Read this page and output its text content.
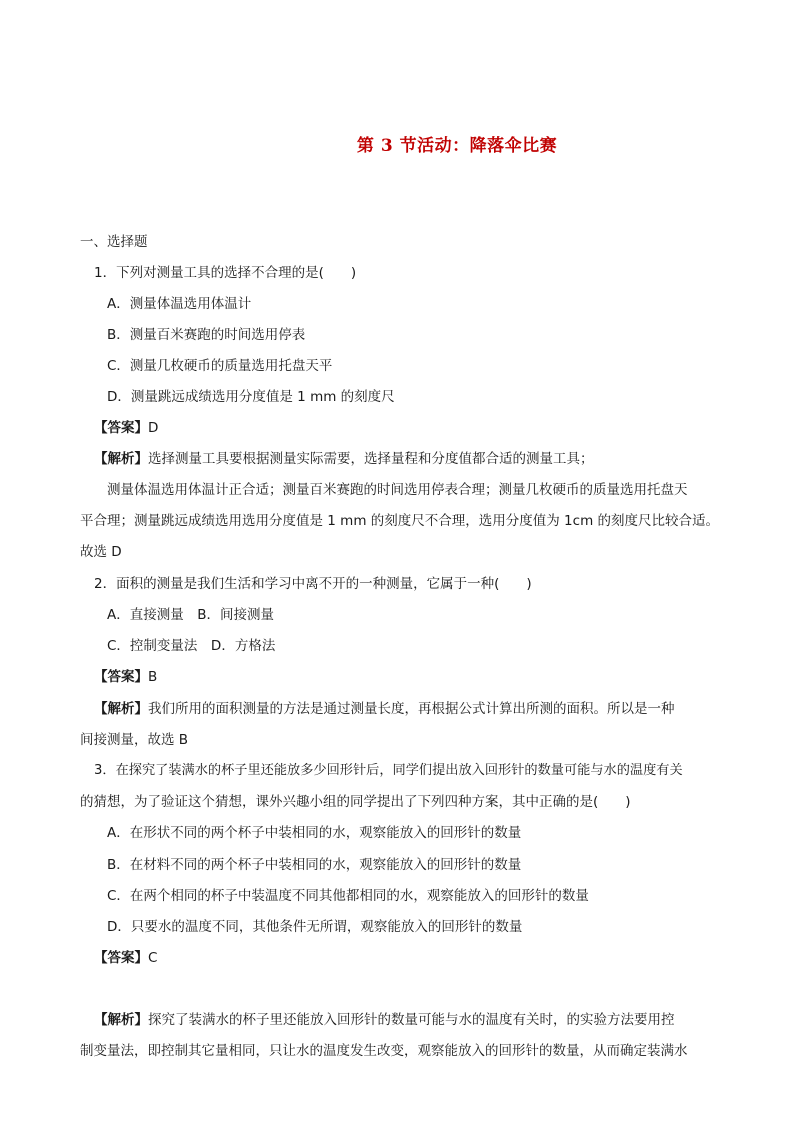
第 3 节活动：降落伞比赛
一、选择题
1．下列对测量工具的选择不合理的是(　　)
A．测量体温选用体温计
B．测量百米赛跑的时间选用停表
C．测量几枚硬币的质量选用托盘天平
D．测量跳远成绩选用分度值是 1 mm 的刻度尺
【答案】D
【解析】选择测量工具要根据测量实际需要，选择量程和分度值都合适的测量工具；
测量体温选用体温计正合适；测量百米赛跑的时间选用停表合理；测量几枚硬币的质量选用托盘天
平合理；测量跳远成绩选用选用分度值是 1 mm 的刻度尺不合理，选用分度值为 1cm 的刻度尺比较合适。
故选 D
2．面积的测量是我们生活和学习中离不开的一种测量，它属于一种(　　)
A．直接测量　B．间接测量
C．控制变量法　D．方格法
【答案】B
【解析】我们所用的面积测量的方法是通过测量长度，再根据公式计算出所测的面积。所以是一种
间接测量，故选 B
3．在探究了装满水的杯子里还能放多少回形针后，同学们提出放入回形针的数量可能与水的温度有关
的猜想，为了验证这个猜想，课外兴趣小组的同学提出了下列四种方案，其中正确的是(　　)
A．在形状不同的两个杯子中装相同的水，观察能放入的回形针的数量
B．在材料不同的两个杯子中装相同的水，观察能放入的回形针的数量
C．在两个相同的杯子中装温度不同其他都相同的水，观察能放入的回形针的数量
D．只要水的温度不同，其他条件无所谓，观察能放入的回形针的数量
【答案】C
【解析】探究了装满水的杯子里还能放入回形针的数量可能与水的温度有关时，的实验方法要用控
制变量法，即控制其它量相同，只让水的温度发生改变，观察能放入的回形针的数量，从而确定装满水
